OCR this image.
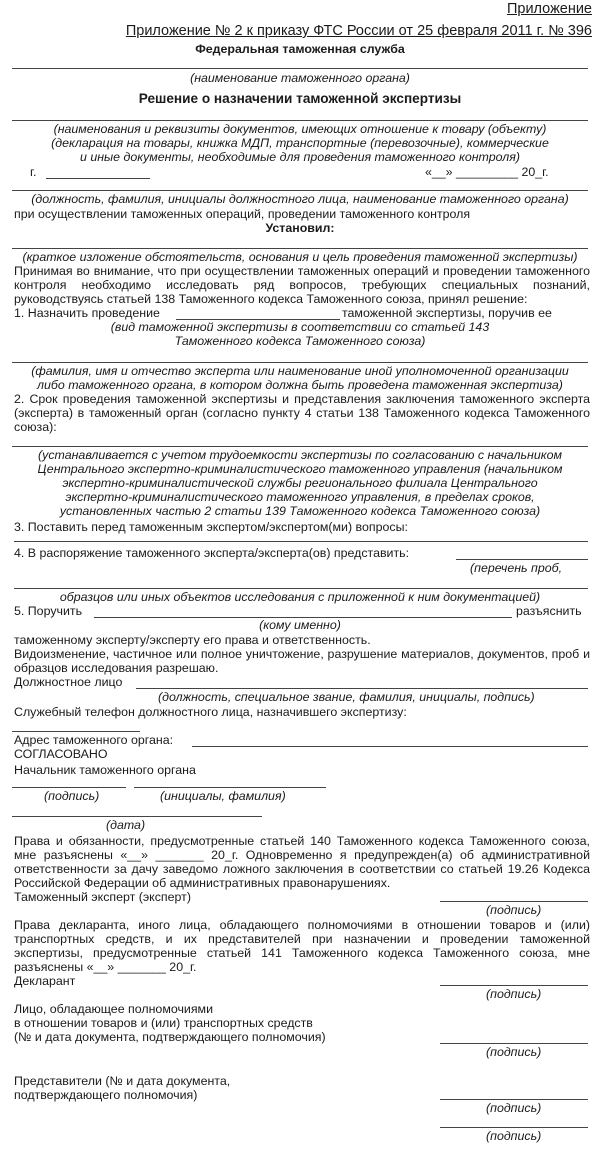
Приложение
Приложение № 2 к приказу ФТС России от 25 февраля 2011 г. № 396
Федеральная таможенная служба
(наименование таможенного органа)
Решение о назначении таможенной экспертизы
(наименования и реквизиты документов, имеющих отношение к товару (объекту)
(декларация на товары, книжка МДП, транспортные (перевозочные), коммерческие
и иные документы, необходимые для проведения таможенного контроля)
г.	«__» _________ 20_г.
(должность, фамилия, инициалы должностного лица, наименование таможенного органа)
при осуществлении таможенных операций, проведении таможенного контроля
Установил:
(краткое изложение обстоятельств, основания и цель проведения таможенной экспертизы)
Принимая во внимание, что при осуществлении таможенных операций и проведении таможенного контроля необходимо исследовать ряд вопросов, требующих специальных познаний, руководствуясь статьей 138 Таможенного кодекса Таможенного союза, принял решение:
1. Назначить проведение	таможенной экспертизы, поручив ее
(вид таможенной экспертизы в соответствии со статьей 143
Таможенного кодекса Таможенного союза)
(фамилия, имя и отчество эксперта или наименование иной уполномоченной организации
либо таможенного органа, в котором должна быть проведена таможенная экспертиза)
2. Срок проведения таможенной экспертизы и представления заключения таможенного эксперта (эксперта) в таможенный орган (согласно пункту 4 статьи 138 Таможенного кодекса Таможенного союза):
(устанавливается с учетом трудоемкости экспертизы по согласованию с начальником
Центрального экспертно-криминалистического таможенного управления (начальником
экспертно-криминалистической службы регионального филиала Центрального
экспертно-криминалистического таможенного управления, в пределах сроков,
установленных частью 2 статьи 139 Таможенного кодекса Таможенного союза)
3. Поставить перед таможенным экспертом/экспертом(ми) вопросы:
4. В распоряжение таможенного эксперта/эксперта(ов) представить:
(перечень проб,
образцов или иных объектов исследования с приложенной к ним документацией)
5. Поручить	разъяснить
(кому именно)
таможенному эксперту/эксперту его права и ответственность.
Видоизменение, частичное или полное уничтожение, разрушение материалов, документов, проб и образцов исследования разрешаю.
Должностное лицо
(должность, специальное звание, фамилия, инициалы, подпись)
Служебный телефон должностного лица, назначившего экспертизу:
Адрес таможенного органа:
СОГЛАСОВАНО
Начальник таможенного органа
(подпись)	(инициалы, фамилия)
(дата)
Права и обязанности, предусмотренные статьей 140 Таможенного кодекса Таможенного союза, мне разъяснены «__» _______ 20_г. Одновременно я предупрежден(а) об административной ответственности за дачу заведомо ложного заключения в соответствии со статьей 19.26 Кодекса Российской Федерации об административных правонарушениях.
Таможенный эксперт (эксперт)
(подпись)
Права декларанта, иного лица, обладающего полномочиями в отношении товаров и (или) транспортных средств, и их представителей при назначении и проведении таможенной экспертизы, предусмотренные статьей 141 Таможенного кодекса Таможенного союза, мне разъяснены «__» _______ 20_г.
Декларант
(подпись)
Лицо, обладающее полномочиями
в отношении товаров и (или) транспортных средств
(№ и дата документа, подтверждающего полномочия)
(подпись)
Представители (№ и дата документа,
подтверждающего полномочия)
(подпись)
(подпись)
